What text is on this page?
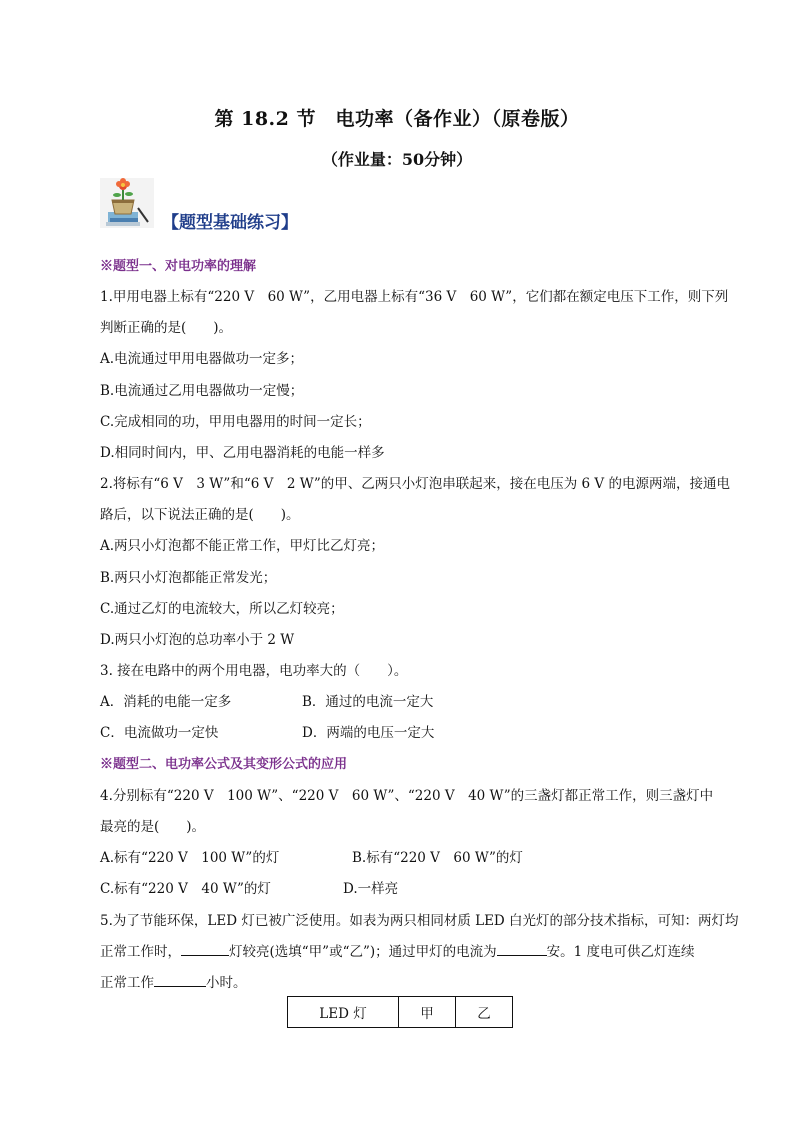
第 18.2 节　电功率（备作业）（原卷版）
（作业量：50分钟）
【题型基础练习】
※题型一、对电功率的理解
1.甲用电器上标有“220 V　60 W”，乙用电器上标有“36 V　60 W”，它们都在额定电压下工作，则下列
判断正确的是(　　)。
A.电流通过甲用电器做功一定多；
B.电流通过乙用电器做功一定慢；
C.完成相同的功，甲用电器用的时间一定长；
D.相同时间内，甲、乙用电器消耗的电能一样多
2.将标有“6 V　3 W”和“6 V　2 W”的甲、乙两只小灯泡串联起来，接在电压为 6 V 的电源两端，接通电
路后，以下说法正确的是(　　)。
A.两只小灯泡都不能正常工作，甲灯比乙灯亮；
B.两只小灯泡都能正常发光；
C.通过乙灯的电流较大，所以乙灯较亮；
D.两只小灯泡的总功率小于 2 W
3. 接在电路中的两个用电器，电功率大的（　　）。
A．消耗的电能一定多	B．通过的电流一定大
C．电流做功一定快	D．两端的电压一定大
※题型二、电功率公式及其变形公式的应用
4.分别标有“220 V　100 W”、“220 V　60 W”、“220 V　40 W”的三盏灯都正常工作，则三盏灯中
最亮的是(　　)。
A.标有“220 V　100 W”的灯	B.标有“220 V　60 W”的灯
C.标有“220 V　40 W”的灯	D.一样亮
5.为了节能环保，LED 灯已被广泛使用。如表为两只相同材质 LED 白光灯的部分技术指标，可知：两灯均
正常工作时，	灯较亮(选填“甲”或“乙”)；通过甲灯的电流为	安。1 度电可供乙灯连续
正常工作	小时。
LED 灯	甲	乙
